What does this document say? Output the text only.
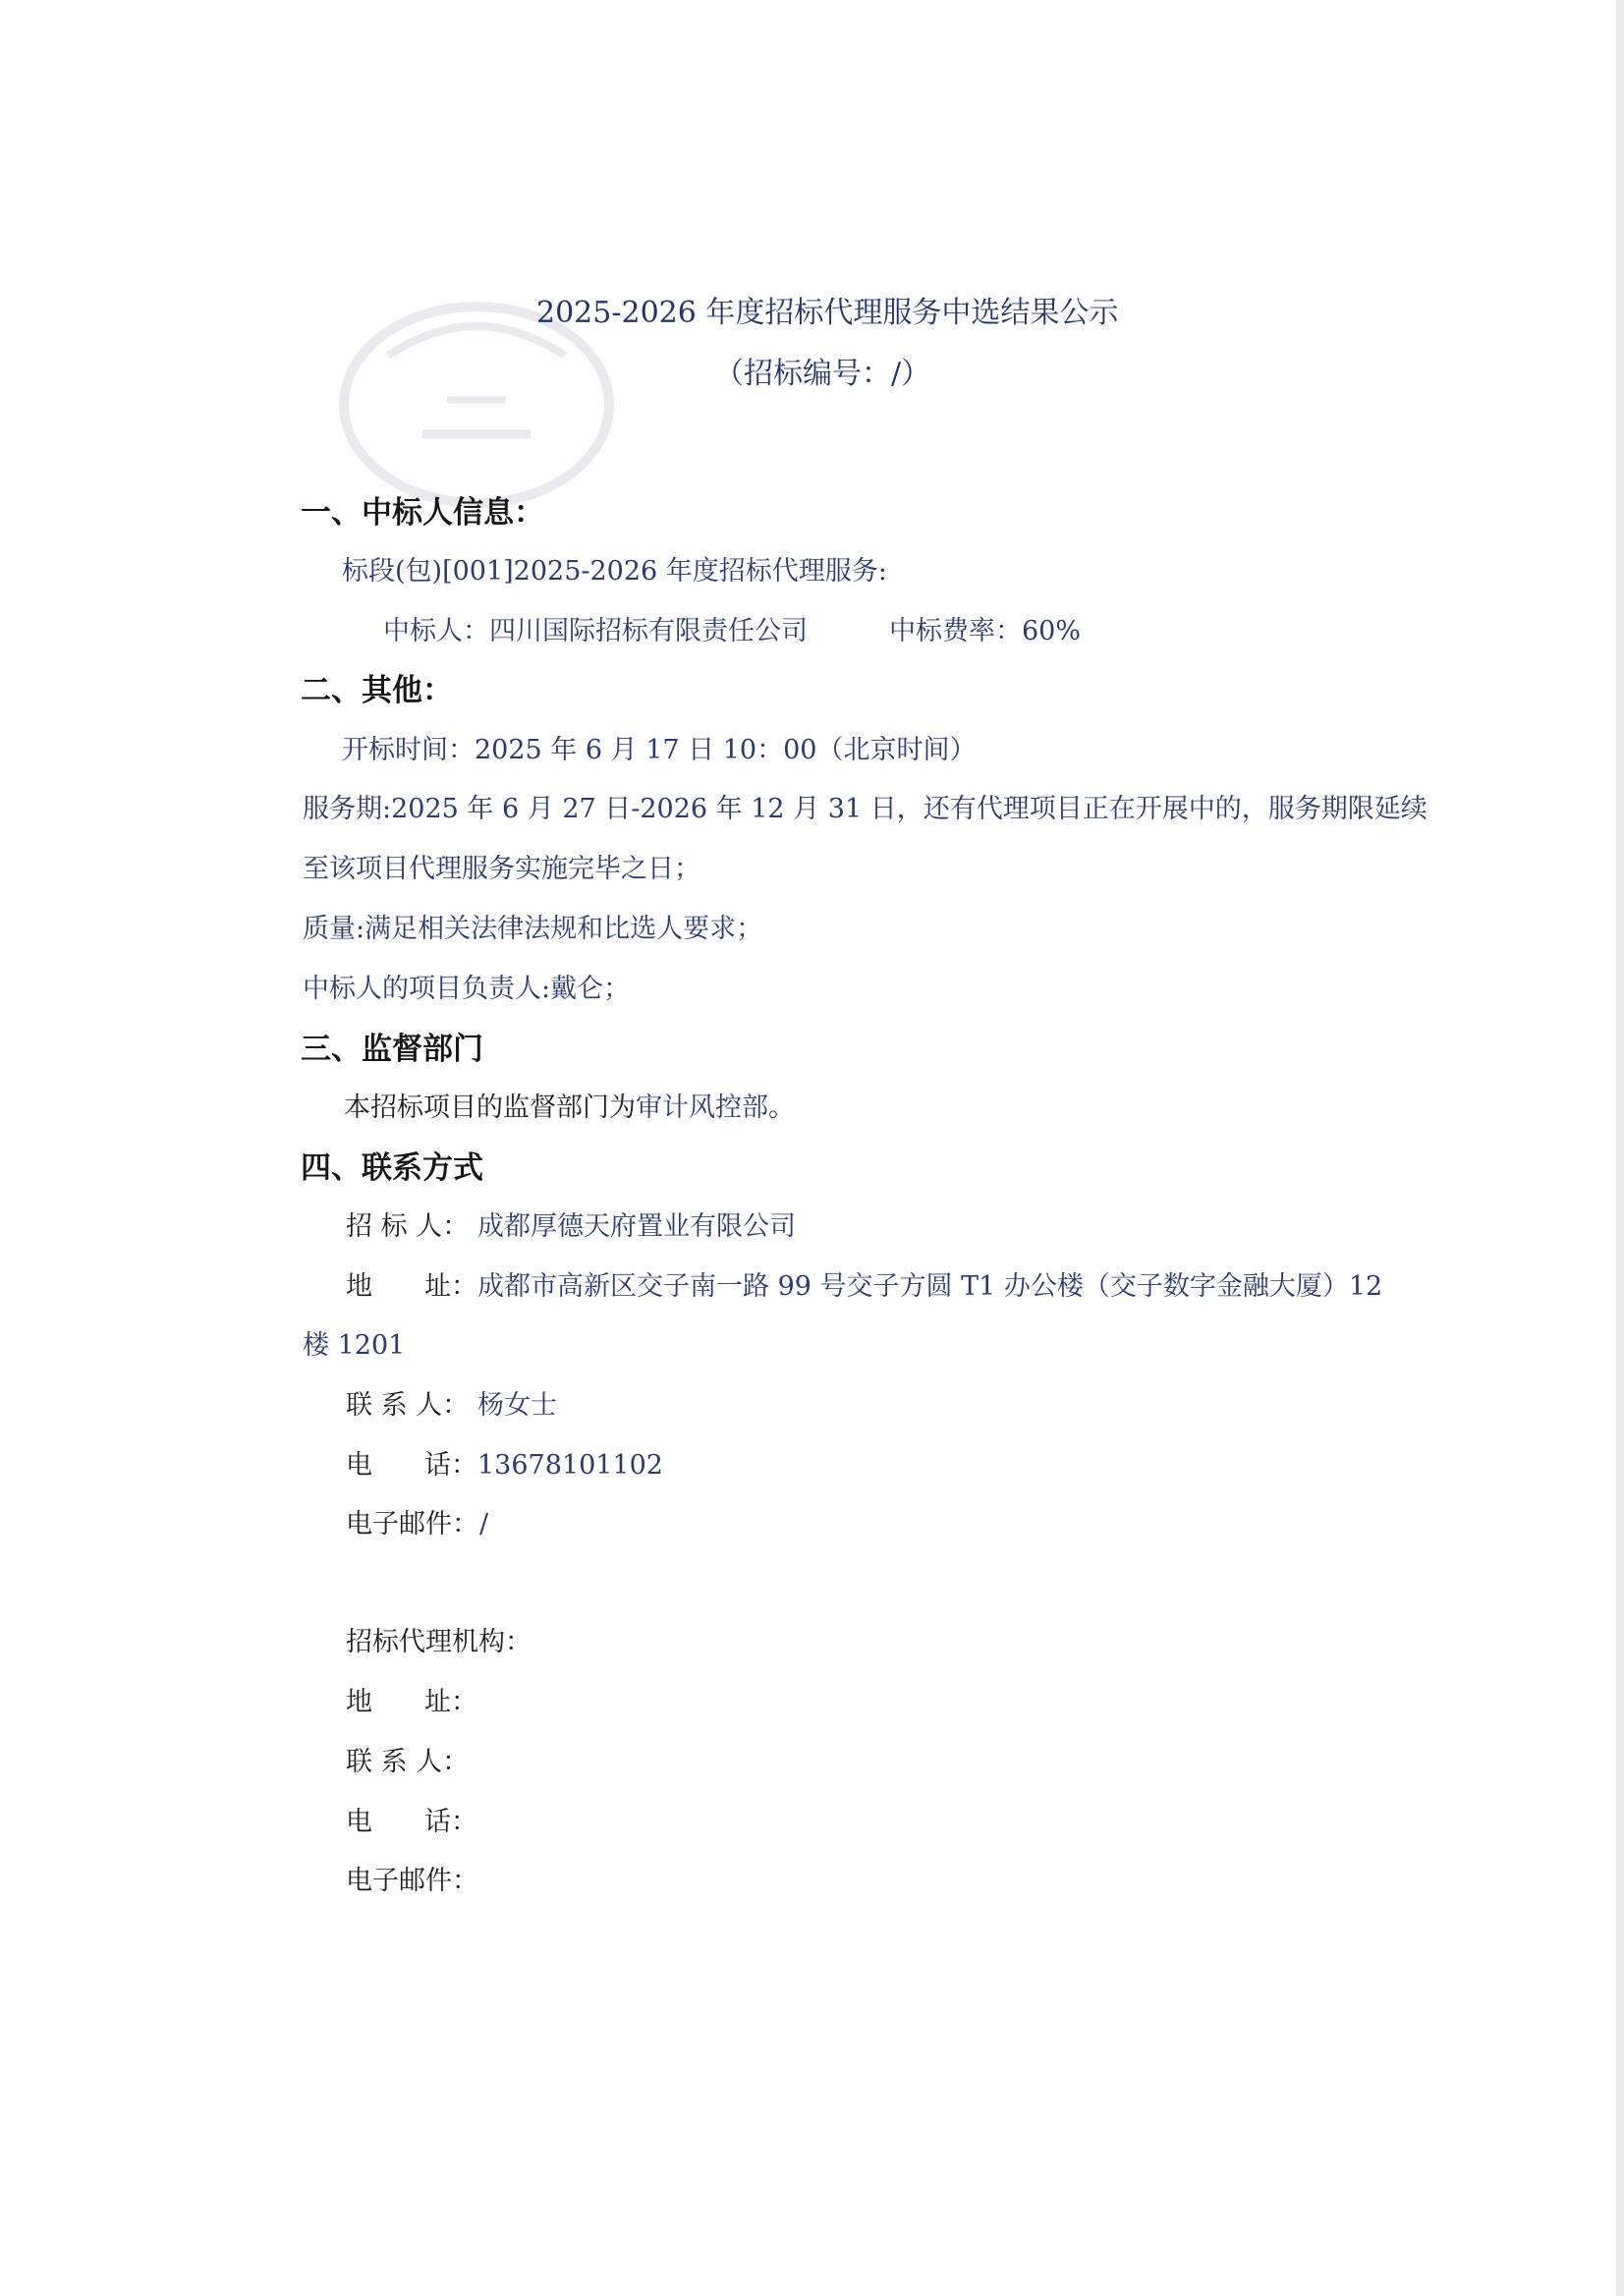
2025-2026 年度招标代理服务中选结果公示
（招标编号：/）
一、中标人信息：
标段(包)[001]2025-2026 年度招标代理服务:
中标人：四川国际招标有限责任公司	中标费率：60%
二、其他：
开标时间：2025 年 6 月 17 日 10：00（北京时间）
服务期:2025 年 6 月 27 日-2026 年 12 月 31 日，还有代理项目正在开展中的，服务期限延续
至该项目代理服务实施完毕之日；
质量:满足相关法律法规和比选人要求；
中标人的项目负责人:戴仑；
三、监督部门
本招标项目的监督部门为审计风控部。
四、联系方式
招 标 人： 成都厚德天府置业有限公司
地 址： 成都市高新区交子南一路 99 号交子方圆 T1 办公楼（交子数字金融大厦）12
楼 1201
联 系 人： 杨女士
电 话： 13678101102
电子邮件： /
招标代理机构：
地 址：
联 系 人：
电 话：
电子邮件：
